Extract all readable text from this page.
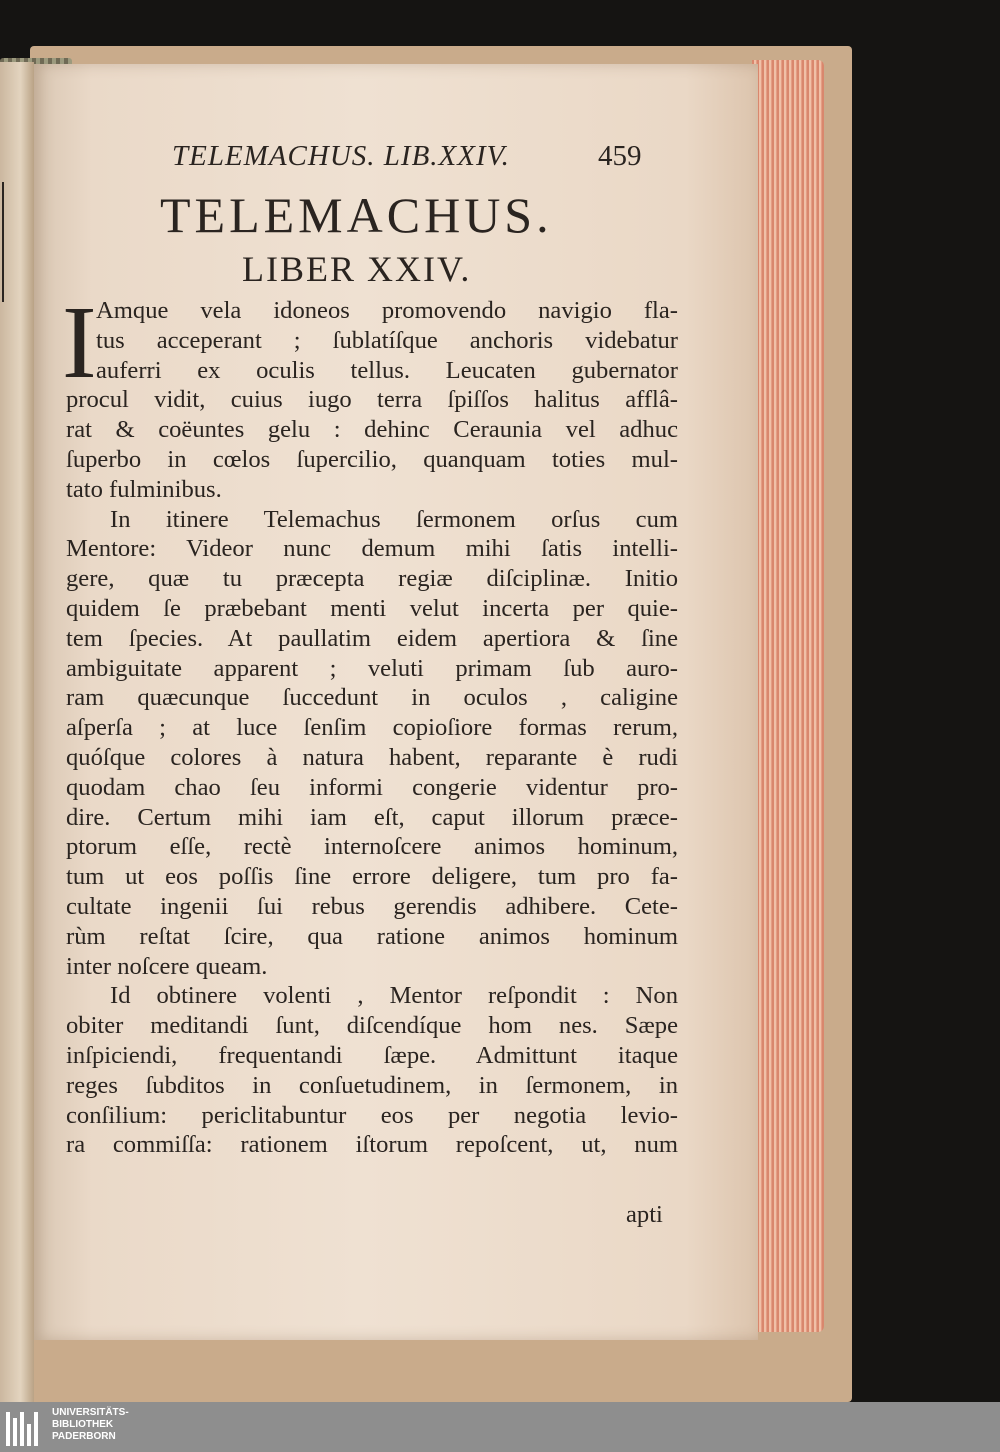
TELEMACHUS. LIB.XXIV.	459
TELEMACHUS.
LIBER XXIV.
I Amque vela idoneos promovendo navigio fla-
tus acceperant ; ſublatíſque anchoris videbatur
auferri ex oculis tellus. Leucaten gubernator
procul vidit, cuius iugo terra ſpiſſos halitus afflâ-
rat & coëuntes gelu : dehinc Ceraunia vel adhuc
ſuperbo in cœlos ſupercilio, quanquam toties mul-
tato fulminibus.
In itinere Telemachus ſermonem orſus cum
Mentore: Videor nunc demum mihi ſatis intelli-
gere, quæ tu præcepta regiæ diſciplinæ. Initio
quidem ſe præbebant menti velut incerta per quie-
tem ſpecies. At paullatim eidem apertiora & ſine
ambiguitate apparent ; veluti primam ſub auro-
ram quæcunque ſuccedunt in oculos , caligine
aſperſa ; at luce ſenſim copioſiore formas rerum,
quóſque colores à natura habent, reparante è rudi
quodam chao ſeu informi congerie videntur pro-
dire. Certum mihi iam eſt, caput illorum præce-
ptorum eſſe, rectè internoſcere animos hominum,
tum ut eos poſſis ſine errore deligere, tum pro fa-
cultate ingenii ſui rebus gerendis adhibere. Cete-
rùm reſtat ſcire, qua ratione animos hominum
inter noſcere queam.
Id obtinere volenti , Mentor reſpondit : Non
obiter meditandi ſunt, diſcendíque hom nes. Sæpe
inſpiciendi, frequentandi ſæpe. Admittunt itaque
reges ſubditos in conſuetudinem, in ſermonem, in
conſilium: periclitabuntur eos per negotia levio-
ra commiſſa: rationem iſtorum repoſcent, ut, num
apti
UNIVERSITÄTS-
BIBLIOTHEK
PADERBORN
